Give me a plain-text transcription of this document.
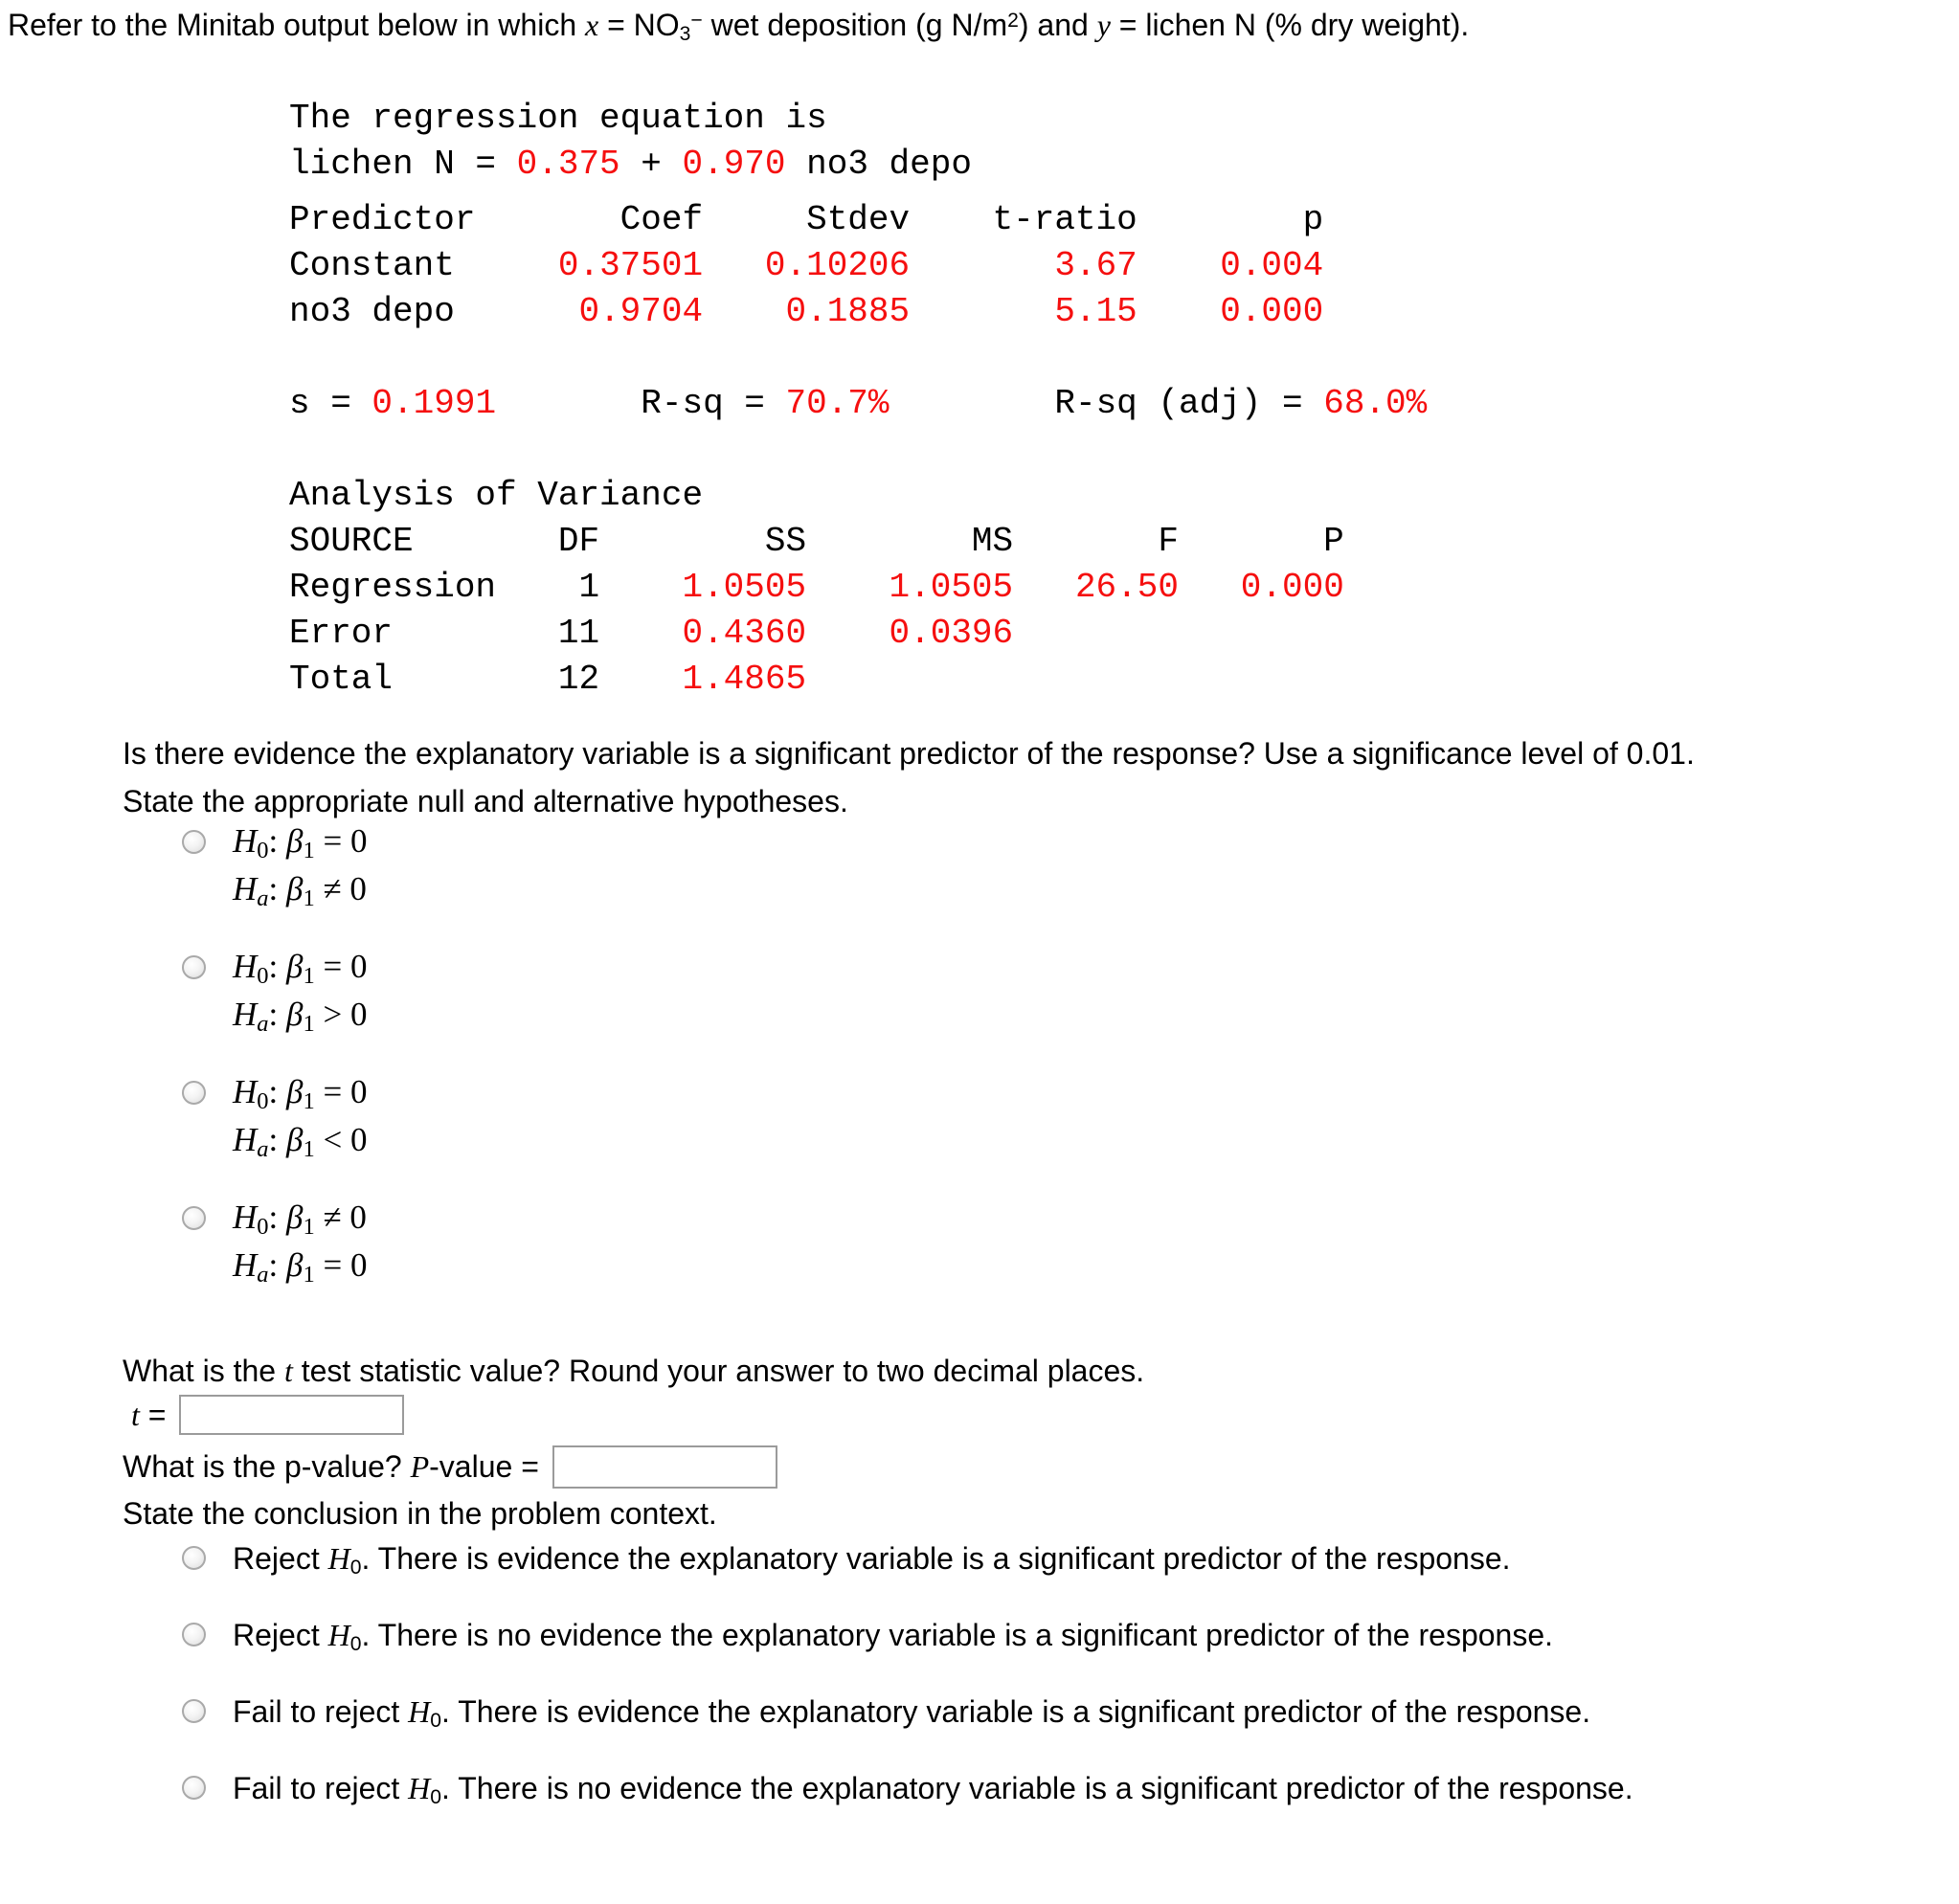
Refer to the Minitab output below in which $x = NO_3^-$ wet deposition (g $N/m^2$) and y = lichen N (% dry weight).

The regression equation is
lichen N = 0.375 + 0.970 no3 depo
Predictor       Coef     Stdev    t-ratio        p
Constant     0.37501 0.10206	3.67 0.004
no3 depo      0.9704 0.1885	5.15 0.000
s = 0.1991       R-sq = 70.7%        R-sq (adj) = 68.0%
Analysis of Variance
SOURCE       DF        SS        MS       F       P
Regression    1    1.0505 1.0505 26.50 0.000
Error        11    0.4360 0.0396
Total        12    1.4865
Is there evidence the explanatory variable is a significant predictor of the response? Use a significance level of 0.01.
State the appropriate null and alternative hypotheses.
$H_0$: $\beta_1 = 0$
$H_a$: $\beta_1 \ne 0$
$H_0$: $\beta_1 = 0$
$H_a$: $\beta_1 > 0$
$H_0$: $\beta_1 = 0$
$H_a$: $\beta_1 < 0$
$H_0$: $\beta_1 \ne 0$
$H_a$: $\beta_1 = 0$
What is the t test statistic value? Round your answer to two decimal places.
t =
What is the p-value? P-value =
State the conclusion in the problem context.
Reject $H_0$. There is evidence the explanatory variable is a significant predictor of the response.
Reject $H_0$. There is no evidence the explanatory variable is a significant predictor of the response.
Fail to reject $H_0$. There is evidence the explanatory variable is a significant predictor of the response.
Fail to reject $H_0$. There is no evidence the explanatory variable is a significant predictor of the response.
